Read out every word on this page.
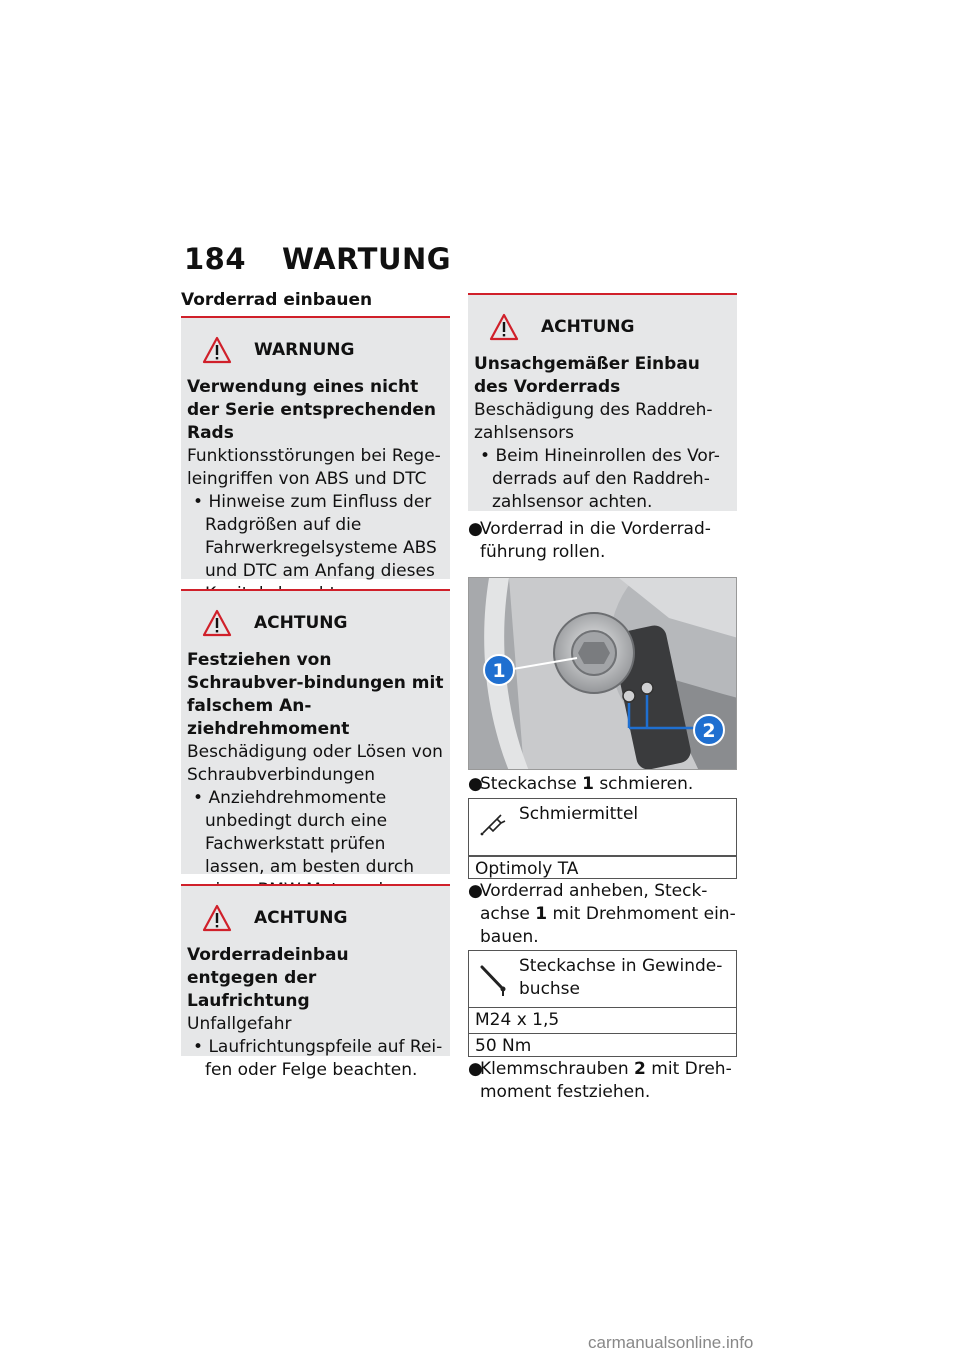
184 WARTUNG
Vorderrad einbauen
WARNUNG
Verwendung eines nicht der Serie entsprechenden Rads
Funktionsstörungen bei Rege-leingriffen von ABS und DTC
• Hinweise zum Einfluss der Radgrößen auf die Fahrwerkregelsysteme ABS und DTC am Anfang dieses
ACHTUNG
Festziehen von Schraubver-bindungen mit falschem An-ziehdrehmoment
Beschädigung oder Lösen von Schraubverbindungen
• Anziehdrehmomente unbedingt durch eine Fachwerkstatt prüfen lassen, am besten durch
ACHTUNG
Vorderradeinbau entgegen der Laufrichtung
Unfallgefahr
• Laufrichtungspfeile auf Rei-fen oder Felge beachten.
ACHTUNG
Unsachgemäßer Einbau des Vorderrads
Beschädigung des Raddreh-zahlsensors
• Beim Hineinrollen des Vor-derrads auf den Raddreh-zahlsensor achten.
●
Vorderrad in die Vorderrad-führung rollen.
1
2
●
Steckachse 1 schmieren.
Schmiermittel
Optimoly TA
●
Vorderrad anheben, Steck-achse 1 mit Drehmoment ein-bauen.
Steckachse in Gewinde-buchse
M24 x 1,5
50 Nm
●
Klemmschrauben 2 mit Dreh-moment festziehen.
carmanualsonline.info
